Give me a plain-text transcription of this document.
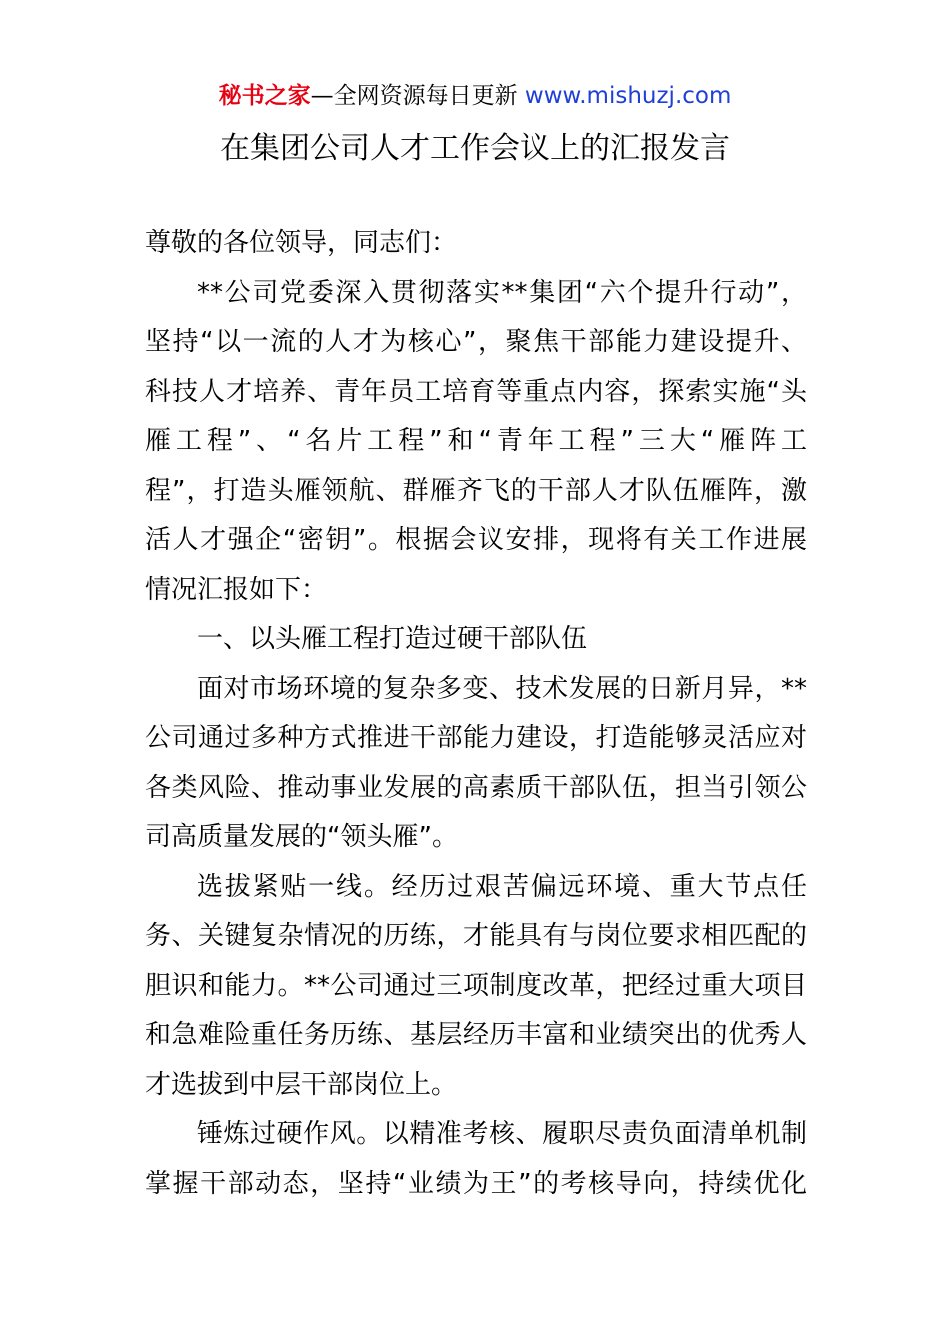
秘书之家—全网资源每日更新 www.mishuzj.com
在集团公司人才工作会议上的汇报发言
尊敬的各位领导，同志们：
**公司党委深入贯彻落实**集团“六个提升行动”，
坚持“以一流的人才为核心”，聚焦干部能力建设提升、
科技人才培养、青年员工培育等重点内容，探索实施“头
雁工程”、“名片工程”和“青年工程”三大“雁阵工
程”，打造头雁领航、群雁齐飞的干部人才队伍雁阵，激
活人才强企“密钥”。根据会议安排，现将有关工作进展
情况汇报如下：
一、以头雁工程打造过硬干部队伍
面对市场环境的复杂多变、技术发展的日新月异，**
公司通过多种方式推进干部能力建设，打造能够灵活应对
各类风险、推动事业发展的高素质干部队伍，担当引领公
司高质量发展的“领头雁”。
选拔紧贴一线。经历过艰苦偏远环境、重大节点任
务、关键复杂情况的历练，才能具有与岗位要求相匹配的
胆识和能力。**公司通过三项制度改革，把经过重大项目
和急难险重任务历练、基层经历丰富和业绩突出的优秀人
才选拔到中层干部岗位上。
锤炼过硬作风。以精准考核、履职尽责负面清单机制
掌握干部动态，坚持“业绩为王”的考核导向，持续优化
